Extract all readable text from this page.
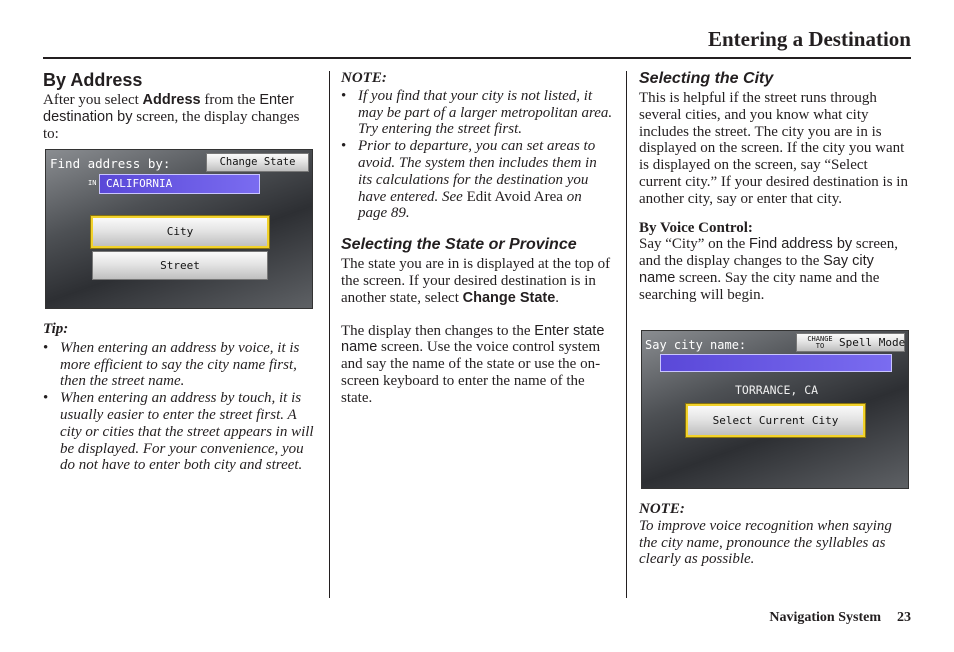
Entering a Destination
By Address

After you select Address from the Enter destination by screen, the display changes to:

Find address by:	Change State
IN CALIFORNIA
City
Street
Tip:
• When entering an address by voice, it is more efficient to say the city name first, then the street name.
• When entering an address by touch, it is usually easier to enter the street first. A city or cities that the street appears in will be displayed. For your convenience, you do not have to enter both city and street.
NOTE:
• If you find that your city is not listed, it may be part of a larger metropolitan area. Try entering the street first.
• Prior to departure, you can set areas to avoid. The system then includes them in its calculations for the destination you have entered. See Edit Avoid Area on page 89.
Selecting the State or Province

The state you are in is displayed at the top of the screen. If your desired destination is in another state, select Change State.

The display then changes to the Enter state name screen. Use the voice control system and say the name of the state or use the on-screen keyboard to enter the name of the state.

Selecting the City

This is helpful if the street runs through several cities, and you know what city includes the street. The city you are in is displayed on the screen. If the city you want is displayed on the screen, say “Select current city.” If your desired destination is in another city, say or enter that city.

By Voice Control:

Say “City” on the Find address by screen, and the display changes to the Say city name screen. Say the city name and the searching will begin.

Say city name:	CHANGE
TO	Spell Mode
TORRANCE, CA
Select Current City
NOTE:

To improve voice recognition when saying the city name, pronounce the syllables as clearly as possible.

Navigation System 23
